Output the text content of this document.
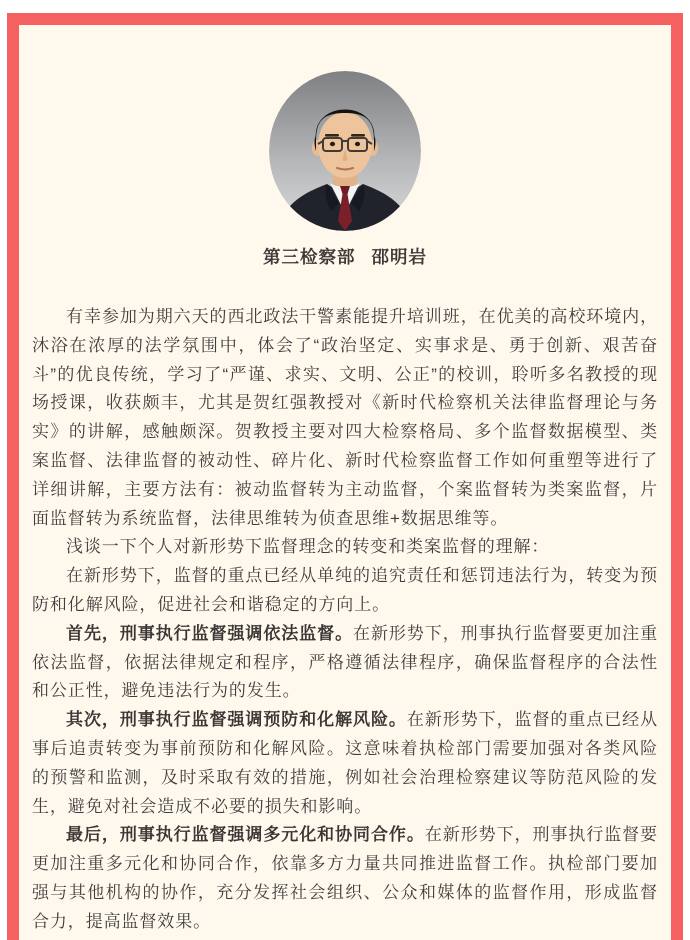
第三检察部 邵明岩

有幸参加为期六天的西北政法干警素能提升培训班，在优美的高校环境内，沐浴在浓厚的法学氛围中，体会了“政治坚定、实事求是、勇于创新、艰苦奋斗”的优良传统，学习了“严谨、求实、文明、公正”的校训，聆听多名教授的现场授课，收获颇丰，尤其是贺红强教授对《新时代检察机关法律监督理论与务实》的讲解，感触颇深。贺教授主要对四大检察格局、多个监督数据模型、类案监督、法律监督的被动性、碎片化、新时代检察监督工作如何重塑等进行了详细讲解，主要方法有：被动监督转为主动监督，个案监督转为类案监督，片面监督转为系统监督，法律思维转为侦查思维+数据思维等。

浅谈一下个人对新形势下监督理念的转变和类案监督的理解：

在新形势下，监督的重点已经从单纯的追究责任和惩罚违法行为，转变为预防和化解风险，促进社会和谐稳定的方向上。

首先，刑事执行监督强调依法监督。在新形势下，刑事执行监督要更加注重依法监督，依据法律规定和程序，严格遵循法律程序，确保监督程序的合法性和公正性，避免违法行为的发生。

其次，刑事执行监督强调预防和化解风险。在新形势下，监督的重点已经从事后追责转变为事前预防和化解风险。这意味着执检部门需要加强对各类风险的预警和监测，及时采取有效的措施，例如社会治理检察建议等防范风险的发生，避免对社会造成不必要的损失和影响。

最后，刑事执行监督强调多元化和协同合作。在新形势下，刑事执行监督要更加注重多元化和协同合作，依靠多方力量共同推进监督工作。执检部门要加强与其他机构的协作，充分发挥社会组织、公众和媒体的监督作用，形成监督合力，提高监督效果。
